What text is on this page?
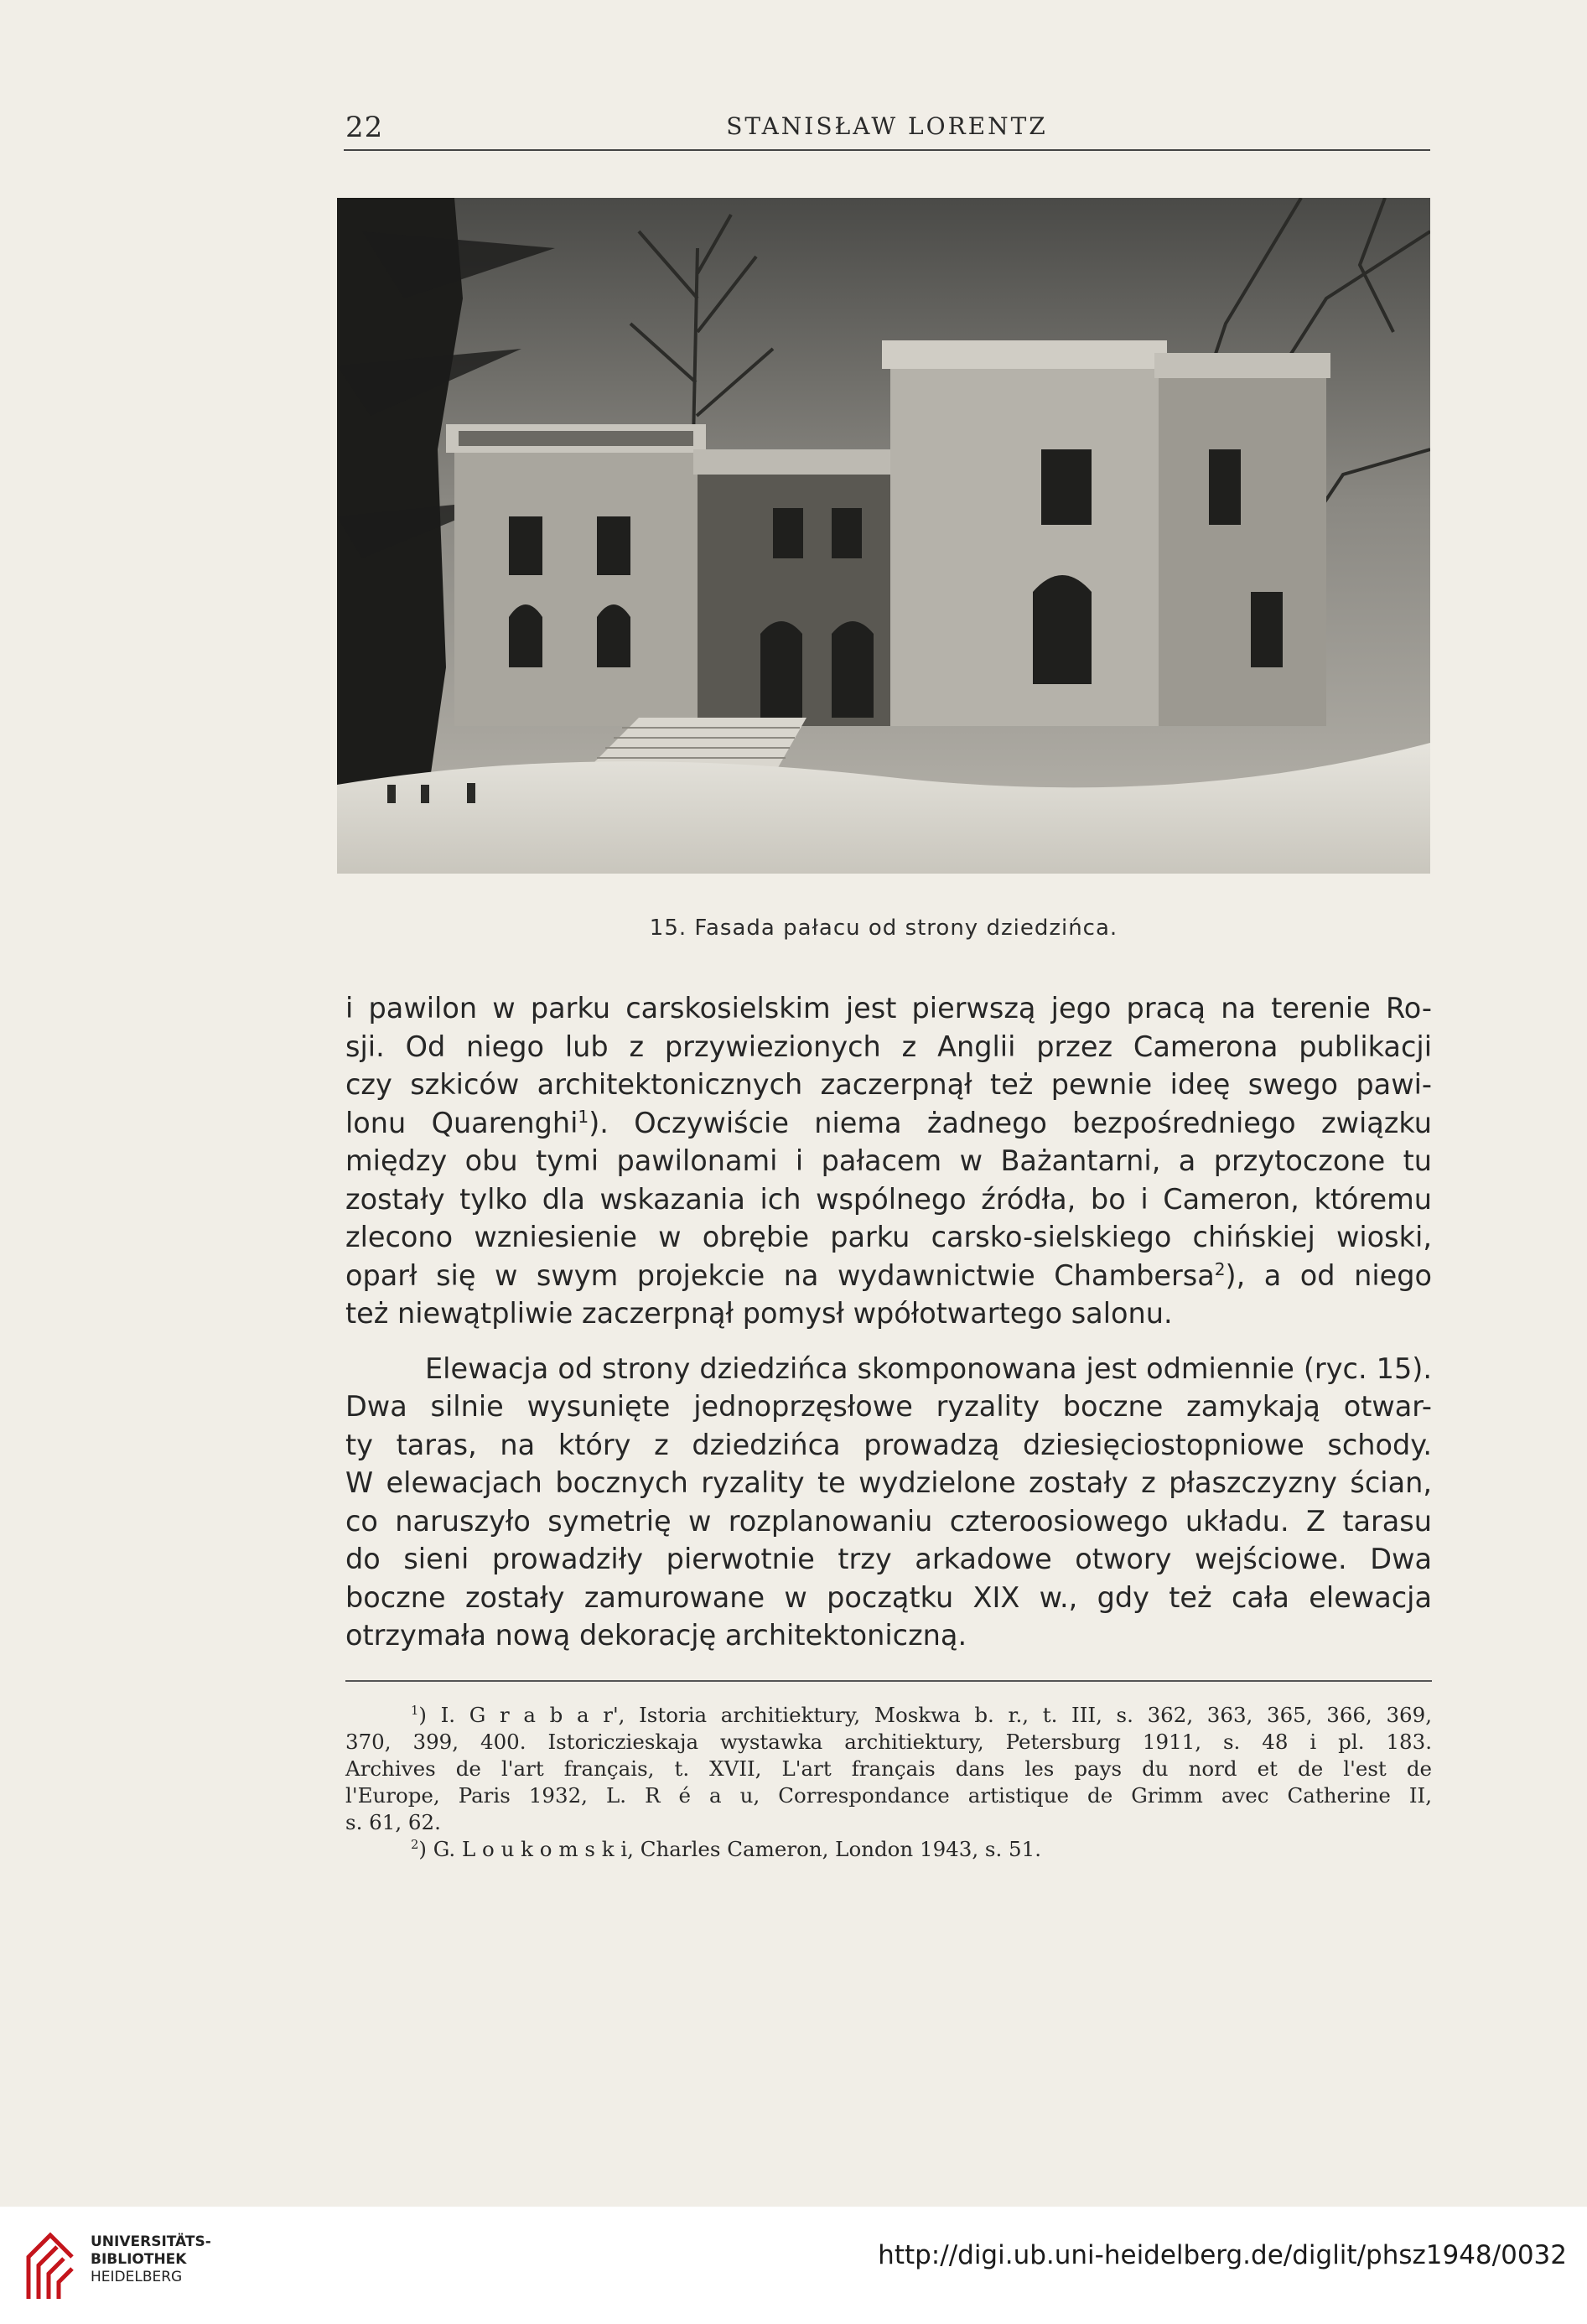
22	STANISŁAW LORENTZ
15. Fasada pałacu od strony dziedzińca.
i pawilon w parku carskosielskim jest pierwszą jego pracą na terenie Ro-
sji. Od niego lub z przywiezionych z Anglii przez Camerona publikacji
czy szkiców architektonicznych zaczerpnął też pewnie ideę swego pawi-
lonu Quarenghi$^1$). Oczywiście niema żadnego bezpośredniego związku
między obu tymi pawilonami i pałacem w Bażantarni, a przytoczone tu
zostały tylko dla wskazania ich wspólnego źródła, bo i Cameron, któremu
zlecono wzniesienie w obrębie parku carsko-sielskiego chińskiej wioski,
oparł się w swym projekcie na wydawnictwie Chambersa$^2$), a od niego
też niewątpliwie zaczerpnął pomysł wpółotwartego salonu.
Elewacja od strony dziedzińca skomponowana jest odmiennie (ryc. 15).
Dwa silnie wysunięte jednoprzęsłowe ryzality boczne zamykają otwar-
ty taras, na który z dziedzińca prowadzą dziesięciostopniowe schody.
W elewacjach bocznych ryzality te wydzielone zostały z płaszczyzny ścian,
co naruszyło symetrię w rozplanowaniu czteroosiowego układu. Z tarasu
do sieni prowadziły pierwotnie trzy arkadowe otwory wejściowe. Dwa
boczne zostały zamurowane w początku XIX w., gdy też cała elewacja
otrzymała nową dekorację architektoniczną.
$^1$) I. G r a b a r', Istoria architiektury, Moskwa b. r., t. III, s. 362, 363, 365, 366, 369,
370, 399, 400. Istoriczieskaja wystawka architiektury, Petersburg 1911, s. 48 i pl. 183.
Archives de l'art français, t. XVII, L'art français dans les pays du nord et de l'est de
l'Europe, Paris 1932, L. R é a u, Correspondance artistique de Grimm avec Catherine II,
s. 61, 62.
$^2$) G. L o u k o m s k i, Charles Cameron, London 1943, s. 51.
UNIVERSITÄTS-
BIBLIOTHEK
HEIDELBERG
http://digi.ub.uni-heidelberg.de/diglit/phsz1948/0032
